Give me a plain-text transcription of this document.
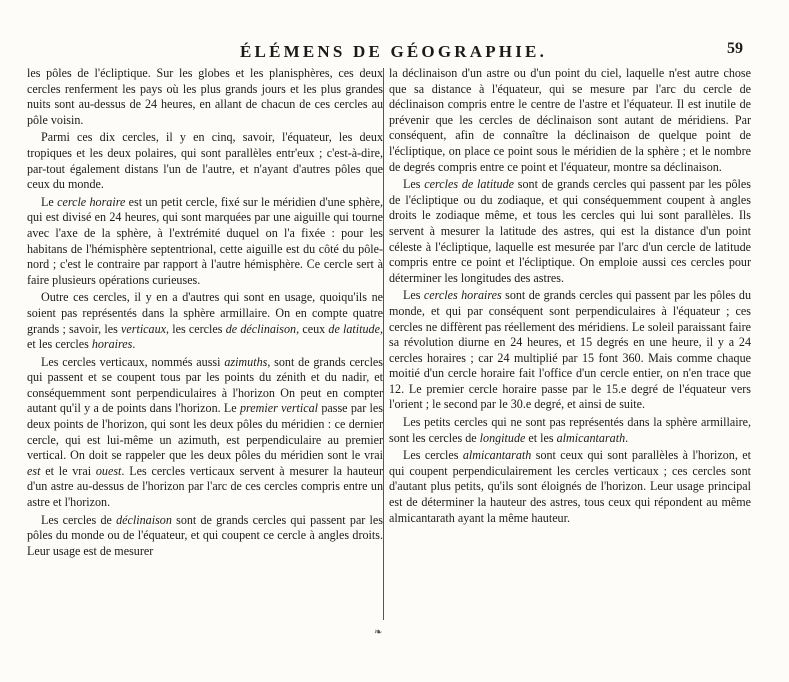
ÉLÉMENS DE GÉOGRAPHIE.	59

les pôles de l'écliptique. Sur les globes et les planisphères, ces deux cercles renferment les pays où les plus grands jours et les plus grandes nuits sont au-dessus de 24 heures, en allant de chacun de ces cercles au pôle voisin.

Parmi ces dix cercles, il y en cinq, savoir, l'équateur, les deux tropiques et les deux polaires, qui sont parallèles entr'eux ; c'est-à-dire, par-tout également distans l'un de l'autre, et n'ayant d'autres pôles que ceux du monde.

Le cercle horaire est un petit cercle, fixé sur le méridien d'une sphère, qui est divisé en 24 heures, qui sont marquées par une aiguille qui tourne avec l'axe de la sphère, à l'extrémité duquel on l'a fixée : pour les habitans de l'hémisphère septentrional, cette aiguille est du côté du pôle-nord ; c'est le contraire par rapport à l'autre hémisphère. Ce cercle sert à faire plusieurs opérations curieuses.

Outre ces cercles, il y en a d'autres qui sont en usage, quoiqu'ils ne soient pas représentés dans la sphère armillaire. On en compte quatre grands ; savoir, les verticaux, les cercles de déclinaison, ceux de latitude, et les cercles horaires.

Les cercles verticaux, nommés aussi azimuths, sont de grands cercles qui passent et se coupent tous par les points du zénith et du nadir, et conséquemment sont perpendiculaires à l'horizon On peut en compter autant qu'il y a de points dans l'horizon. Le premier vertical passe par les deux points de l'horizon, qui sont les deux pôles du méridien : ce dernier cercle, qui est lui-même un azimuth, est perpendiculaire au premier vertical. On doit se rappeler que les deux pôles du méridien sont le vrai est et le vrai ouest. Les cercles verticaux servent à mesurer la hauteur d'un astre au-dessus de l'horizon par l'arc de ces cercles compris entre un astre et l'horizon.

Les cercles de déclinaison sont de grands cercles qui passent par les pôles du monde ou de l'équateur, et qui coupent ce cercle à angles droits. Leur usage est de mesurer

la déclinaison d'un astre ou d'un point du ciel, laquelle n'est autre chose que sa distance à l'équateur, qui se mesure par l'arc du cercle de déclinaison compris entre le centre de l'astre et l'équateur. Il est inutile de prévenir que les cercles de déclinaison sont autant de méridiens. Par conséquent, afin de connaître la déclinaison de quelque point de l'écliptique, on place ce point sous le méridien de la sphère ; et le nombre de degrés compris entre ce point et l'équateur, montre sa déclinaison.

Les cercles de latitude sont de grands cercles qui passent par les pôles de l'écliptique ou du zodiaque, et qui conséquemment coupent à angles droits le zodiaque même, et tous les cercles qui lui sont parallèles. Ils servent à mesurer la latitude des astres, qui est la distance d'un point céleste à l'écliptique, laquelle est mesurée par l'arc d'un cercle de latitude compris entre ce point et l'écliptique. On emploie aussi ces cercles pour déterminer les longitudes des astres.

Les cercles horaires sont de grands cercles qui passent par les pôles du monde, et qui par conséquent sont perpendiculaires à l'équateur ; ces cercles ne diffèrent pas réellement des méridiens. Le soleil paraissant faire sa révolution diurne en 24 heures, et 15 degrés en une heure, il y a 24 cercles horaires ; car 24 multiplié par 15 font 360. Mais comme chaque moitié d'un cercle horaire fait l'office d'un cercle entier, on n'en trace que 12. Le premier cercle horaire passe par le 15.e degré de l'équateur vers l'orient ; le second par le 30.e degré, et ainsi de suite.

Les petits cercles qui ne sont pas représentés dans la sphère armillaire, sont les cercles de longitude et les almicantarath.

Les cercles almicantarath sont ceux qui sont parallèles à l'horizon, et qui coupent perpendiculairement les cercles verticaux ; ces cercles sont d'autant plus petits, qu'ils sont éloignés de l'horizon. Leur usage principal est de déterminer la hauteur des astres, tous ceux qui répondent au même almicantarath ayant la même hauteur.

❧
